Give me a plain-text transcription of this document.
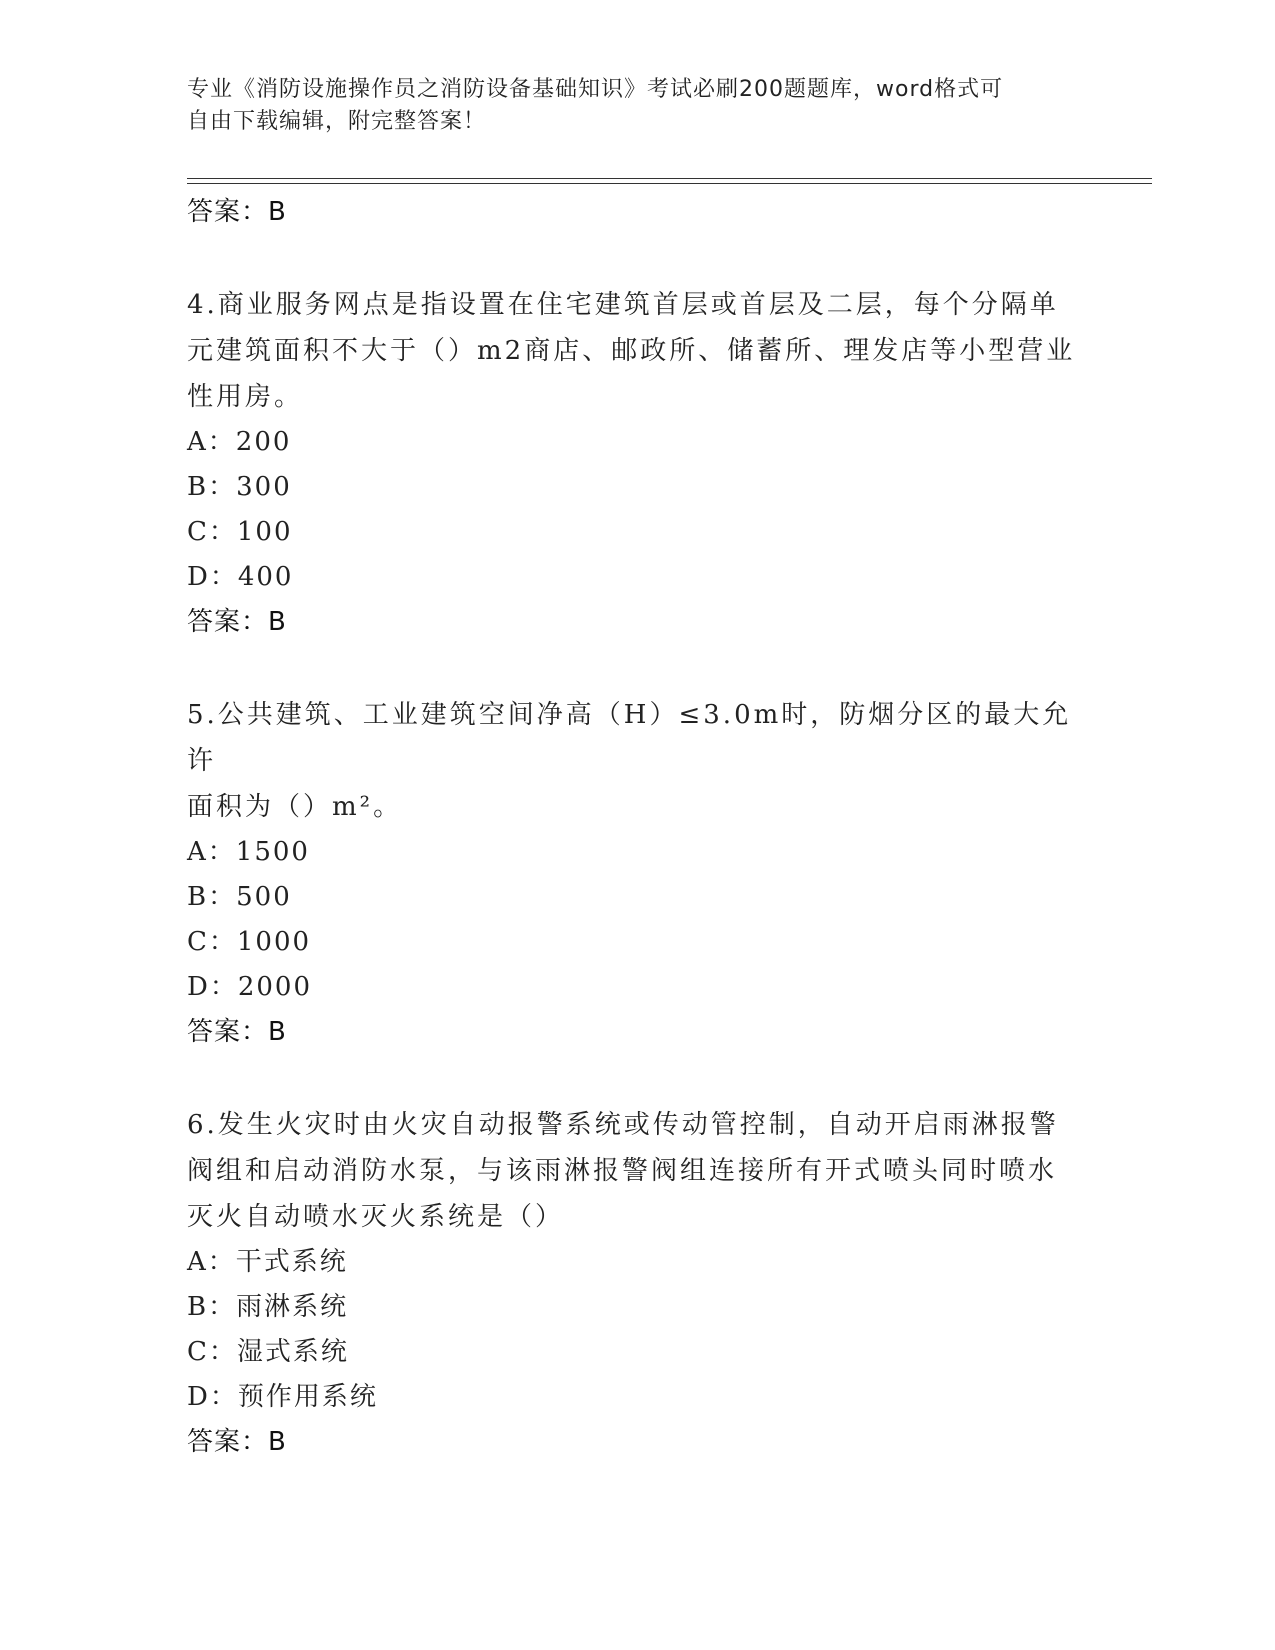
专业《消防设施操作员之消防设备基础知识》考试必刷200题题库，word格式可
自由下载编辑，附完整答案！
答案：B
4.商业服务网点是指设置在住宅建筑首层或首层及二层，每个分隔单
元建筑面积不大于（）m2商店、邮政所、储蓄所、理发店等小型营业
性用房。
A：200
B：300
C：100
D：400
答案：B
5.公共建筑、工业建筑空间净高（H）≤3.0m时，防烟分区的最大允许
面积为（）m²。
A：1500
B：500
C：1000
D：2000
答案：B
6.发生火灾时由火灾自动报警系统或传动管控制，自动开启雨淋报警
阀组和启动消防水泵，与该雨淋报警阀组连接所有开式喷头同时喷水
灭火自动喷水灭火系统是（）
A：干式系统
B：雨淋系统
C：湿式系统
D：预作用系统
答案：B
